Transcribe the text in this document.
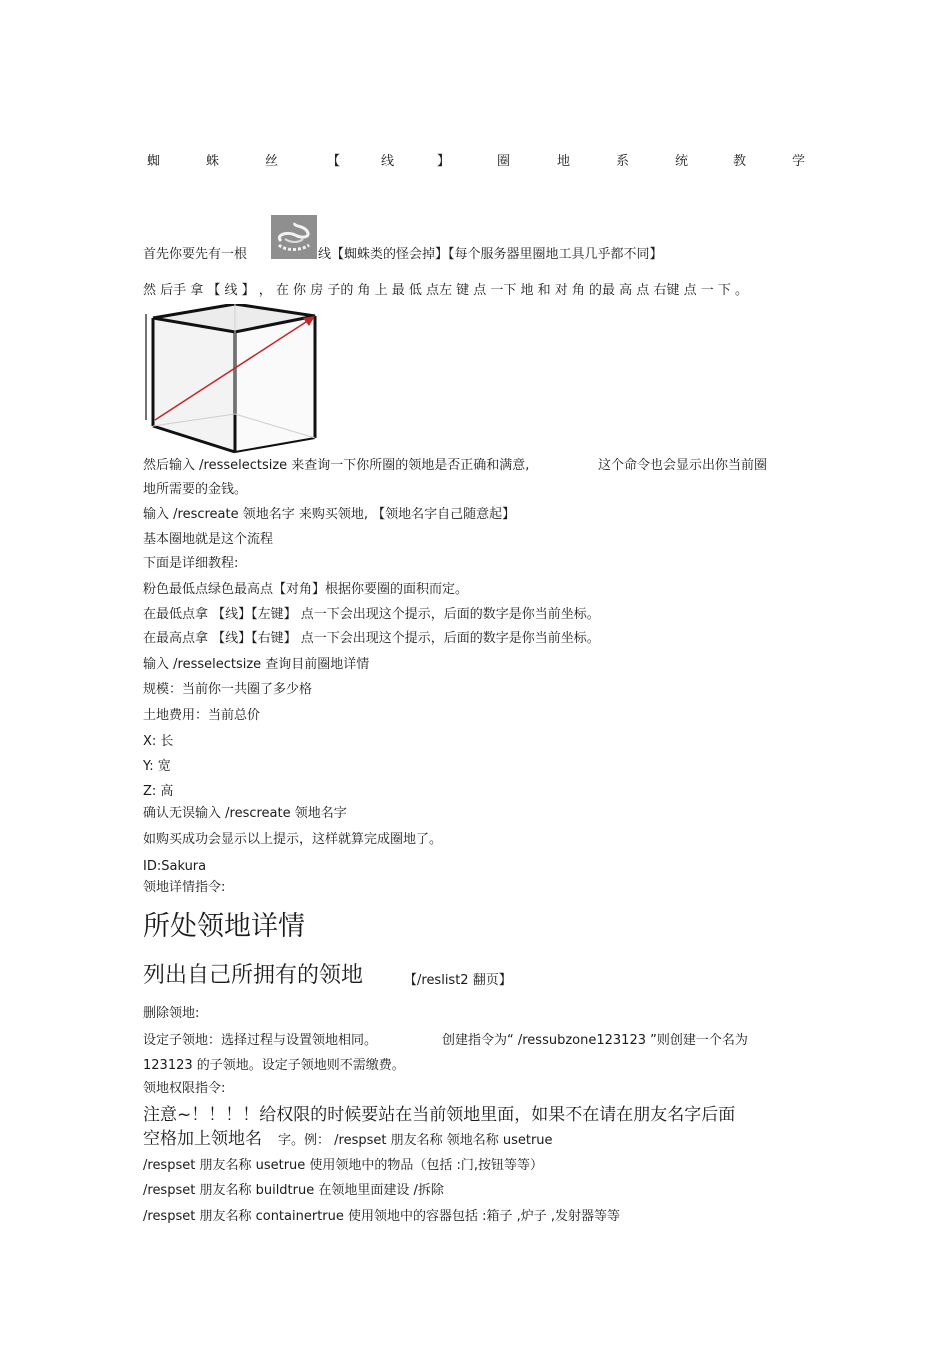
蜘	蛛	丝	【	线	】	圈	地	系	统	教	学
首先你要先有一根	线【蜘蛛类的怪会掉】【每个服务器里圈地工具几乎都不同】
然 后手 拿 【 线 】 ， 在 你 房 子的 角 上 最 低 点左 键 点 一下 地 和 对 角 的最 高 点 右键 点 一 下 。
然后输入 /resselectsize 来查询一下你所圈的领地是否正确和满意,	这个命令也会显示出你当前圈
地所需要的金钱。
输入 /rescreate 领地名字 来购买领地, 【领地名字自己随意起】
基本圈地就是这个流程
下面是详细教程:
粉色最低点绿色最高点【对角】根据你要圈的面积而定。
在最低点拿 【线】【左键】 点一下会出现这个提示，后面的数字是你当前坐标。
在最高点拿 【线】【右键】 点一下会出现这个提示，后面的数字是你当前坐标。
输入 /resselectsize 查询目前圈地详情
规模：当前你一共圈了多少格
土地费用：当前总价
X: 长
Y: 宽
Z: 高
确认无误输入 /rescreate 领地名字
如购买成功会显示以上提示，这样就算完成圈地了。
ID:Sakura
领地详情指令:
所处领地详情
列出自己所拥有的领地	【/reslist2 翻页】
删除领地:
设定子领地：选择过程与设置领地相同。	创建指令为“ /ressubzone123123 ”则创建一个名为
123123 的子领地。设定子领地则不需缴费。
领地权限指令:
注意~！！！！给权限的时候要站在当前领地里面，如果不在请在朋友名字后面
空格加上领地名 字。例： /respset 朋友名称 领地名称 usetrue
/respset 朋友名称 usetrue 使用领地中的物品（包括 :门,按钮等等）
/respset 朋友名称 buildtrue 在领地里面建设 /拆除
/respset 朋友名称 containertrue 使用领地中的容器包括 :箱子 ,炉子 ,发射器等等
